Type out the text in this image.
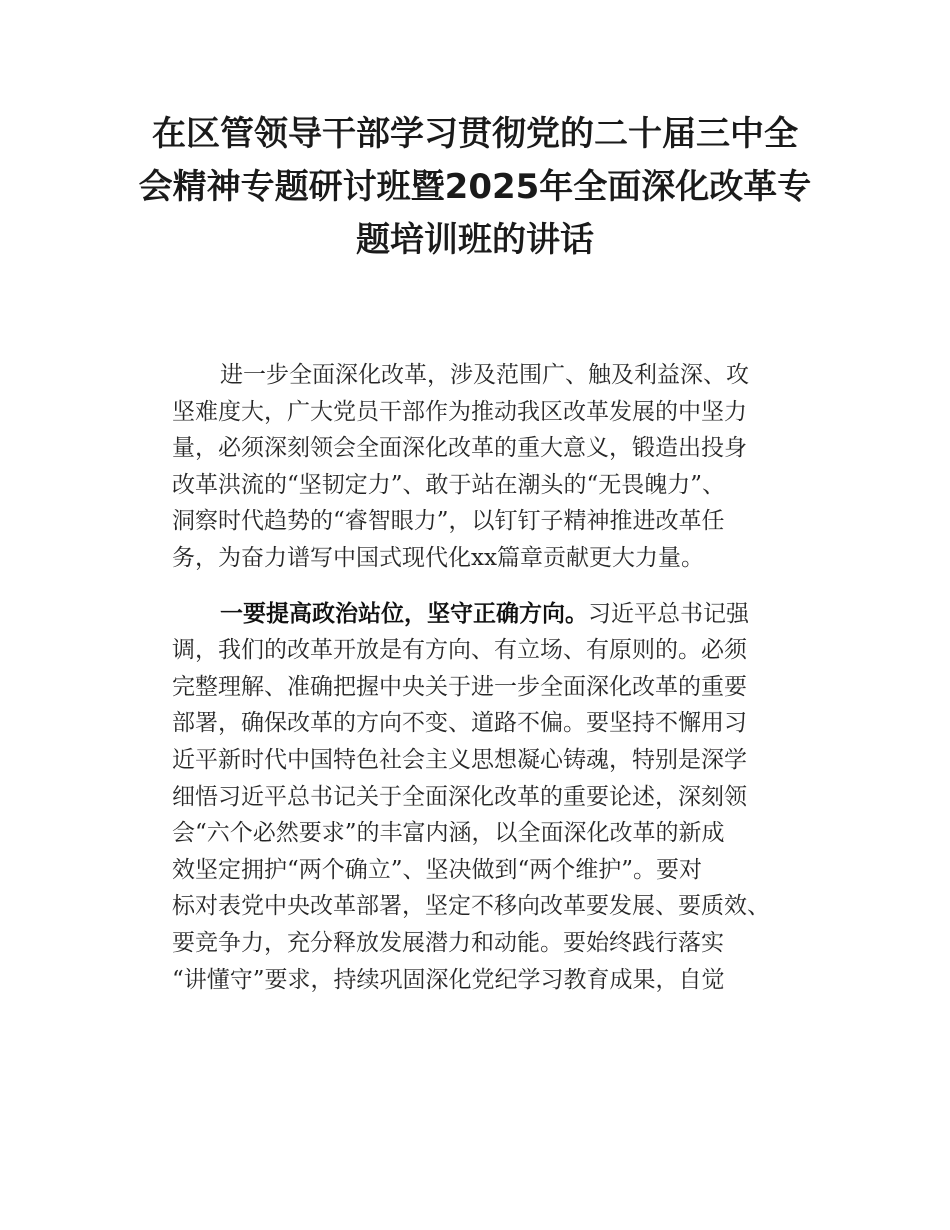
在区管领导干部学习贯彻党的二十届三中全
会精神专题研讨班暨2025年全面深化改革专
题培训班的讲话

进一步全面深化改革，涉及范围广、触及利益深、攻
坚难度大，广大党员干部作为推动我区改革发展的中坚力
量，必须深刻领会全面深化改革的重大意义，锻造出投身
改革洪流的“坚韧定力”、敢于站在潮头的“无畏魄力”、
洞察时代趋势的“睿智眼力”，以钉钉子精神推进改革任
务，为奋力谱写中国式现代化xx篇章贡献更大力量。

一要提高政治站位，坚守正确方向。习近平总书记强
调，我们的改革开放是有方向、有立场、有原则的。必须
完整理解、准确把握中央关于进一步全面深化改革的重要
部署，确保改革的方向不变、道路不偏。要坚持不懈用习
近平新时代中国特色社会主义思想凝心铸魂，特别是深学
细悟习近平总书记关于全面深化改革的重要论述，深刻领
会“六个必然要求”的丰富内涵，以全面深化改革的新成
效坚定拥护“两个确立”、坚决做到“两个维护”。要对
标对表党中央改革部署，坚定不移向改革要发展、要质效、
要竞争力，充分释放发展潜力和动能。要始终践行落实
“讲懂守”要求，持续巩固深化党纪学习教育成果，自觉
